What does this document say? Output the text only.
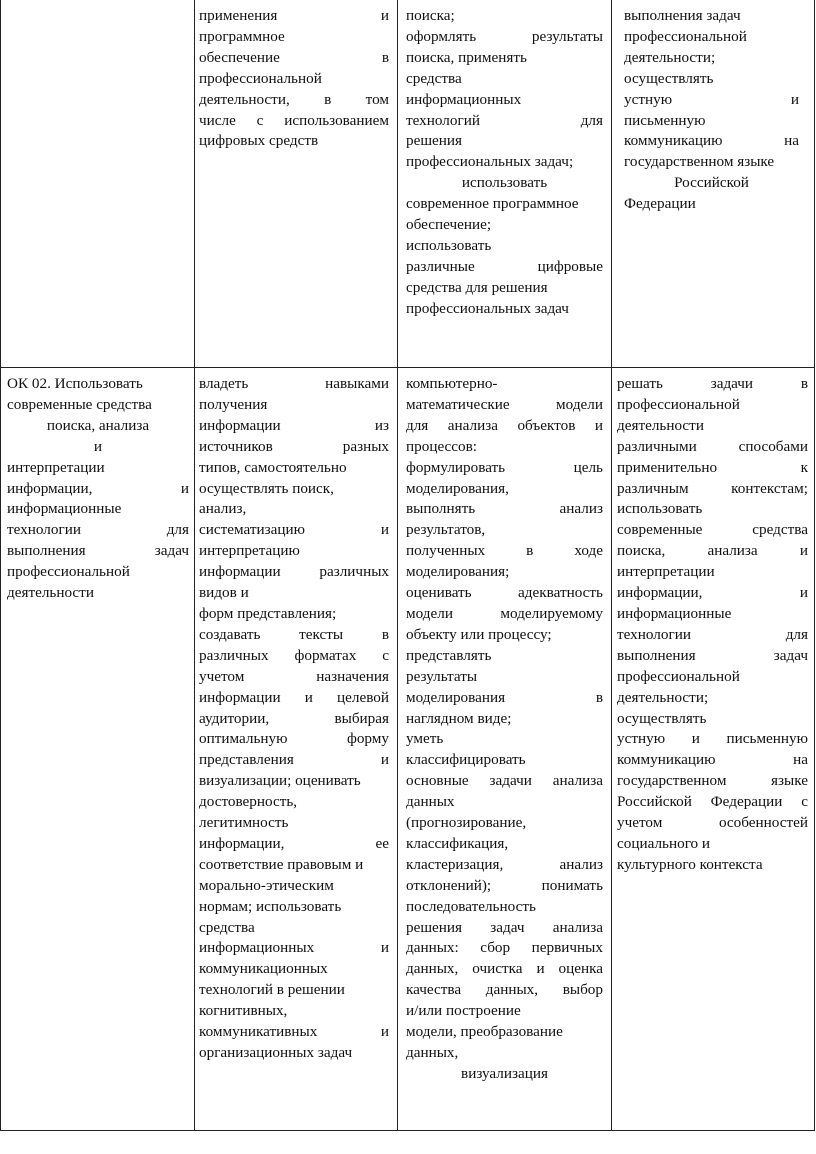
применения и
программное
обеспечение в
профессиональной
деятельности, в том
числе с использованием
цифровых средств
поиска;
оформлять результаты
поиска, применять
средства
информационных
технологий для
решения
профессиональных задач;
использовать
современное программное
обеспечение;
использовать
различные цифровые
средства для решения
профессиональных задач
выполнения задач
профессиональной
деятельности;
осуществлять
устную и
письменную
коммуникацию на
государственном языке
Российской
Федерации
ОК 02. Использовать
современные средства
поиска, анализа
и
интерпретации
информации, и
информационные
технологии для
выполнения задач
профессиональной
деятельности
владеть навыками
получения
информации из
источников разных
типов, самостоятельно
осуществлять поиск,
анализ,
систематизацию и
интерпретацию
информации различных
видов и
форм представления;
создавать тексты в
различных форматах с
учетом назначения
информации и целевой
аудитории, выбирая
оптимальную форму
представления и
визуализации; оценивать
достоверность,
легитимность
информации, ее
соответствие правовым и
морально-этическим
нормам; использовать
средства
информационных и
коммуникационных
технологий в решении
когнитивных,
коммуникативных и
организационных задач
компьютерно-
математические модели
для анализа объектов и
процессов:
формулировать цель
моделирования,
выполнять анализ
результатов,
полученных в ходе
моделирования;
оценивать адекватность
модели моделируемому
объекту или процессу;
представлять
результаты
моделирования в
наглядном виде;
уметь
классифицировать
основные задачи анализа
данных
(прогнозирование,
классификация,
кластеризация, анализ
отклонений); понимать
последовательность
решения задач анализа
данных: сбор первичных
данных, очистка и оценка
качества данных, выбор
и/или построение
модели, преобразование
данных,
визуализация
решать задачи в
профессиональной
деятельности
различными способами
применительно к
различным контекстам;
использовать
современные средства
поиска, анализа и
интерпретации
информации, и
информационные
технологии для
выполнения задач
профессиональной
деятельности;
осуществлять
устную и письменную
коммуникацию на
государственном языке
Российской Федерации с
учетом особенностей
социального и
культурного контекста
